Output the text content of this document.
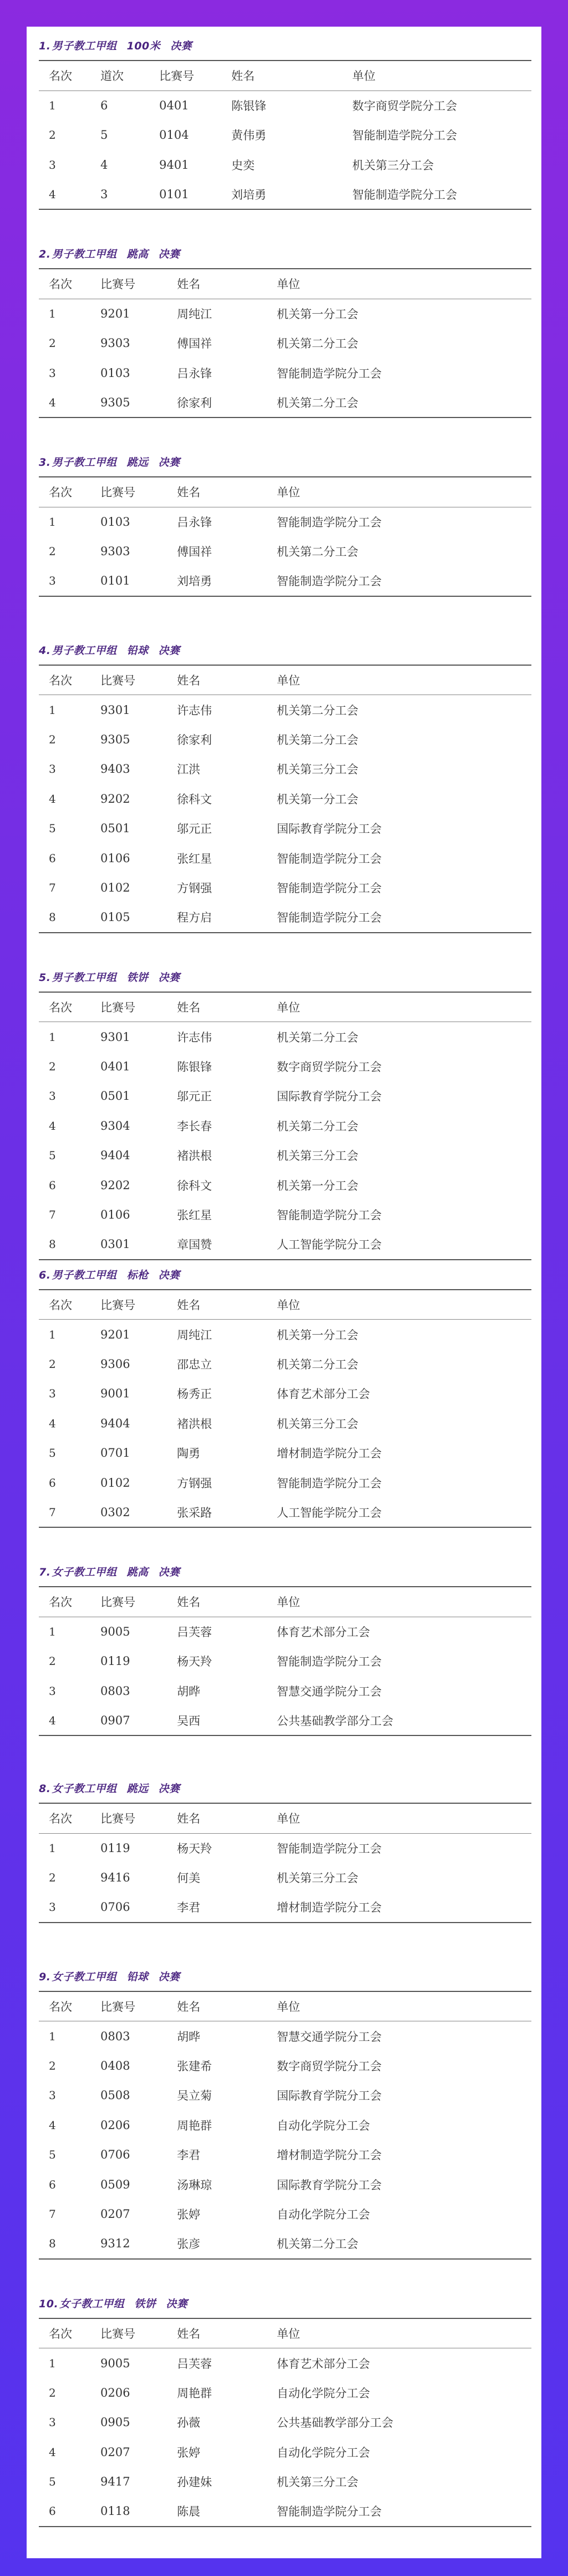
1. 男子教工甲组 100米 决赛
名次	道次	比赛号	姓名	单位
1	6	0401	陈银锋	数字商贸学院分工会
2	5	0104	黄伟勇	智能制造学院分工会
3	4	9401	史奕	机关第三分工会
4	3	0101	刘培勇	智能制造学院分工会
2. 男子教工甲组 跳高 决赛
名次	比赛号	姓名	单位
1	9201	周纯江	机关第一分工会
2	9303	傅国祥	机关第二分工会
3	0103	吕永锋	智能制造学院分工会
4	9305	徐家利	机关第二分工会
3. 男子教工甲组 跳远 决赛
名次	比赛号	姓名	单位
1	0103	吕永锋	智能制造学院分工会
2	9303	傅国祥	机关第二分工会
3	0101	刘培勇	智能制造学院分工会
4. 男子教工甲组 铅球 决赛
名次	比赛号	姓名	单位
1	9301	许志伟	机关第二分工会
2	9305	徐家利	机关第二分工会
3	9403	江洪	机关第三分工会
4	9202	徐科文	机关第一分工会
5	0501	邬元正	国际教育学院分工会
6	0106	张红星	智能制造学院分工会
7	0102	方钢强	智能制造学院分工会
8	0105	程方启	智能制造学院分工会
5. 男子教工甲组 铁饼 决赛
名次	比赛号	姓名	单位
1	9301	许志伟	机关第二分工会
2	0401	陈银锋	数字商贸学院分工会
3	0501	邬元正	国际教育学院分工会
4	9304	李长春	机关第二分工会
5	9404	褚洪根	机关第三分工会
6	9202	徐科文	机关第一分工会
7	0106	张红星	智能制造学院分工会
8	0301	章国赞	人工智能学院分工会
6. 男子教工甲组 标枪 决赛
名次	比赛号	姓名	单位
1	9201	周纯江	机关第一分工会
2	9306	邵忠立	机关第二分工会
3	9001	杨秀正	体育艺术部分工会
4	9404	褚洪根	机关第三分工会
5	0701	陶勇	增材制造学院分工会
6	0102	方钢强	智能制造学院分工会
7	0302	张采路	人工智能学院分工会
7. 女子教工甲组 跳高 决赛
名次	比赛号	姓名	单位
1	9005	吕芙蓉	体育艺术部分工会
2	0119	杨天羚	智能制造学院分工会
3	0803	胡晔	智慧交通学院分工会
4	0907	吴西	公共基础教学部分工会
8. 女子教工甲组 跳远 决赛
名次	比赛号	姓名	单位
1	0119	杨天羚	智能制造学院分工会
2	9416	何美	机关第三分工会
3	0706	李君	增材制造学院分工会
9. 女子教工甲组 铅球 决赛
名次	比赛号	姓名	单位
1	0803	胡晔	智慧交通学院分工会
2	0408	张建希	数字商贸学院分工会
3	0508	吴立菊	国际教育学院分工会
4	0206	周艳群	自动化学院分工会
5	0706	李君	增材制造学院分工会
6	0509	汤琳琼	国际教育学院分工会
7	0207	张婷	自动化学院分工会
8	9312	张彦	机关第二分工会
10. 女子教工甲组 铁饼 决赛
名次	比赛号	姓名	单位
1	9005	吕芙蓉	体育艺术部分工会
2	0206	周艳群	自动化学院分工会
3	0905	孙薇	公共基础教学部分工会
4	0207	张婷	自动化学院分工会
5	9417	孙建妹	机关第三分工会
6	0118	陈晨	智能制造学院分工会
